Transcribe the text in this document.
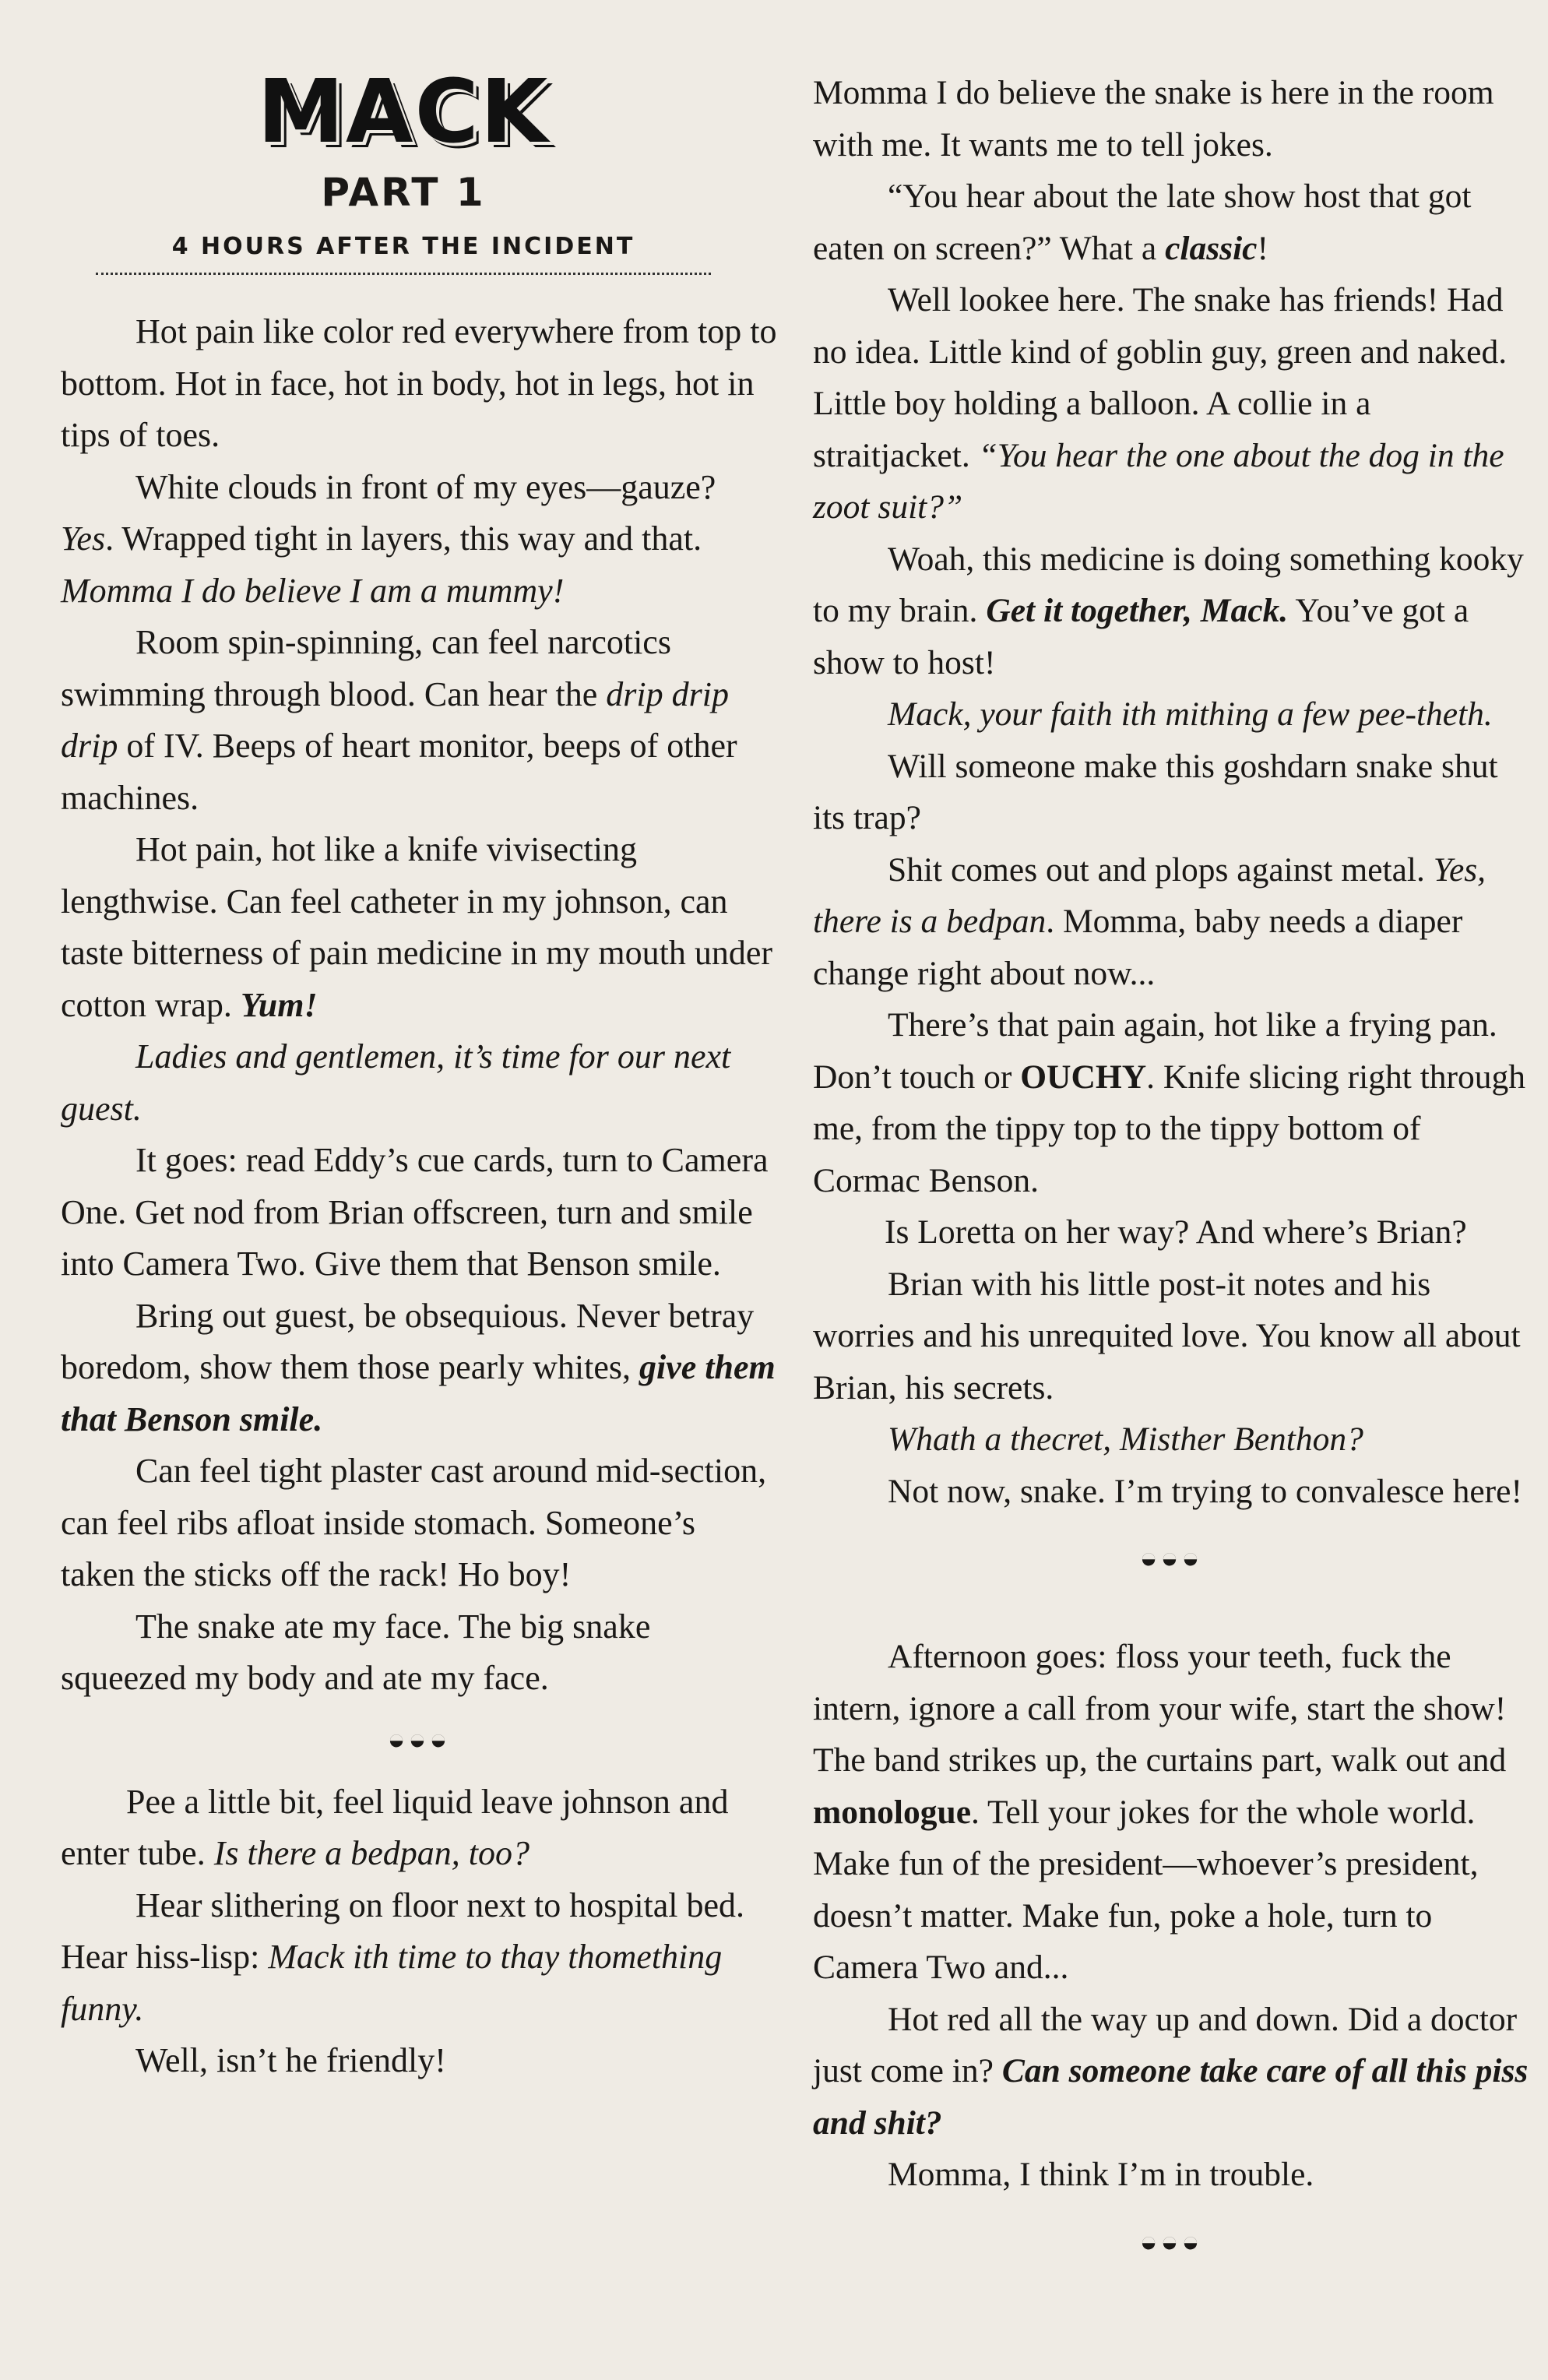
MACK
PART 1
4 HOURS AFTER THE INCIDENT

Hot pain like color red everywhere from top to bottom. Hot in face, hot in body, hot in legs, hot in tips of toes.

White clouds in front of my eyes—gauze? Yes. Wrapped tight in layers, this way and that. Momma I do believe I am a mummy!

Room spin-spinning, can feel narcotics swimming through blood. Can hear the drip drip drip of IV. Beeps of heart monitor, beeps of other machines.

Hot pain, hot like a knife vivisecting lengthwise. Can feel catheter in my johnson, can taste bitterness of pain medicine in my mouth under cotton wrap. Yum!

Ladies and gentlemen, it’s time for our next guest.

It goes: read Eddy’s cue cards, turn to Camera One. Get nod from Brian offscreen, turn and smile into Camera Two. Give them that Benson smile.

Bring out guest, be obsequious. Never betray boredom, show them those pearly whites, give them that Benson smile.

Can feel tight plaster cast around mid-section, can feel ribs afloat inside stomach. Someone’s taken the sticks off the rack! Ho boy!

The snake ate my face. The big snake squeezed my body and ate my face.

◒◒◒

Pee a little bit, feel liquid leave johnson and enter tube. Is there a bedpan, too?

Hear slithering on floor next to hospital bed. Hear hiss-lisp: Mack ith time to thay thomething funny.

Well, isn’t he friendly!

Momma I do believe the snake is here in the room with me. It wants me to tell jokes.

“You hear about the late show host that got eaten on screen?” What a classic!

Well lookee here. The snake has friends! Had no idea. Little kind of goblin guy, green and naked. Little boy holding a balloon. A collie in a straitjacket. “You hear the one about the dog in the zoot suit?”

Woah, this medicine is doing something kooky to my brain. Get it together, Mack. You’ve got a show to host!

Mack, your faith ith mithing a few pee-theth.

Will someone make this goshdarn snake shut its trap?

Shit comes out and plops against metal. Yes, there is a bedpan. Momma, baby needs a diaper change right about now...

There’s that pain again, hot like a frying pan. Don’t touch or OUCHY. Knife slicing right through me, from the tippy top to the tippy bottom of Cormac Benson.

Is Loretta on her way? And where’s Brian?

Brian with his little post-it notes and his worries and his unrequited love. You know all about Brian, his secrets.

Whath a thecret, Misther Benthon?

Not now, snake. I’m trying to convalesce here!

◒◒◒

Afternoon goes: floss your teeth, fuck the intern, ignore a call from your wife, start the show! The band strikes up, the curtains part, walk out and monologue. Tell your jokes for the whole world. Make fun of the president—whoever’s president, doesn’t matter. Make fun, poke a hole, turn to Camera Two and...

Hot red all the way up and down. Did a doctor just come in? Can someone take care of all this piss and shit?

Momma, I think I’m in trouble.

◒◒◒
